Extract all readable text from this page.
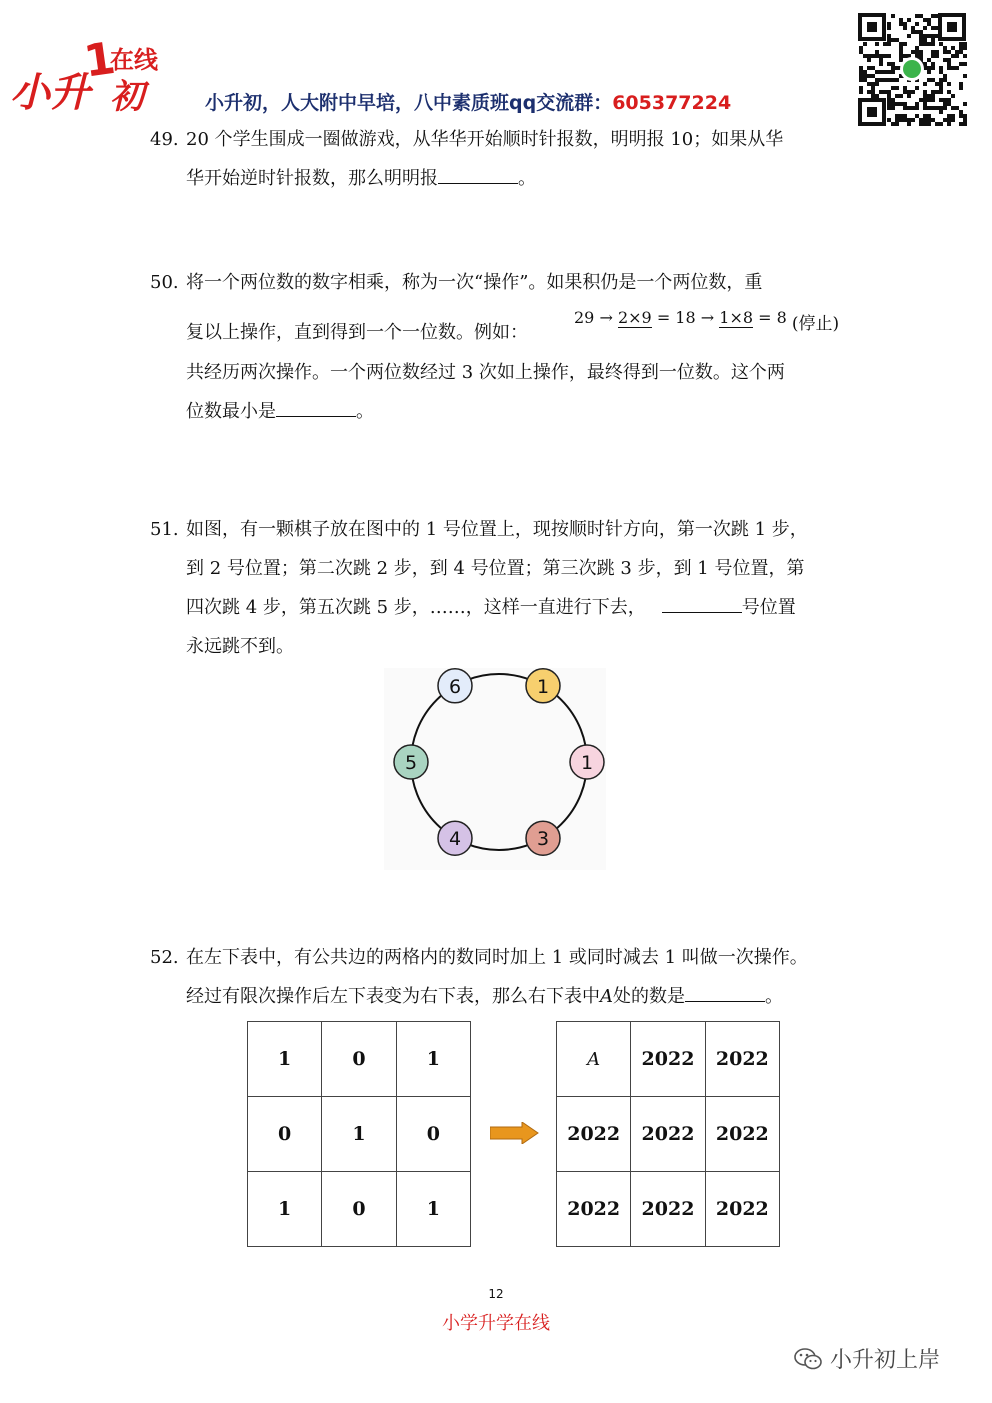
1
在线
小升 初	小升初，人大附中早培，八中素质班qq交流群：605377224
49. 20 个学生围成一圈做游戏，从华华开始顺时针报数，明明报 10；如果从华
华开始逆时针报数，那么明明报	。
50. 将一个两位数的数字相乘，称为一次“操作”。如果积仍是一个两位数，重
复以上操作，直到得到一个一位数。例如：
29 → 2×9 = 18 → 1×8 = 8 (停止)
共经历两次操作。一个两位数经过 3 次如上操作，最终得到一位数。这个两
位数最小是	。
51. 如图，有一颗棋子放在图中的 1 号位置上，现按顺时针方向，第一次跳 1 步，
到 2 号位置；第二次跳 2 步，到 4 号位置；第三次跳 3 步，到 1 号位置，第
四次跳 4 步，第五次跳 5 步，……，这样一直进行下去，	号位置
永远跳不到。
6	1
1
3
4
5
52. 在左下表中，有公共边的两格内的数同时加上 1 或同时减去 1 叫做一次操作。
经过有限次操作后左下表变为右下表，那么右下表中A处的数是	。
1	0	1
0	1	0
1	0	1
A	2022	2022
2022	2022	2022
2022	2022	2022
12
小学升学在线
小升初上岸
